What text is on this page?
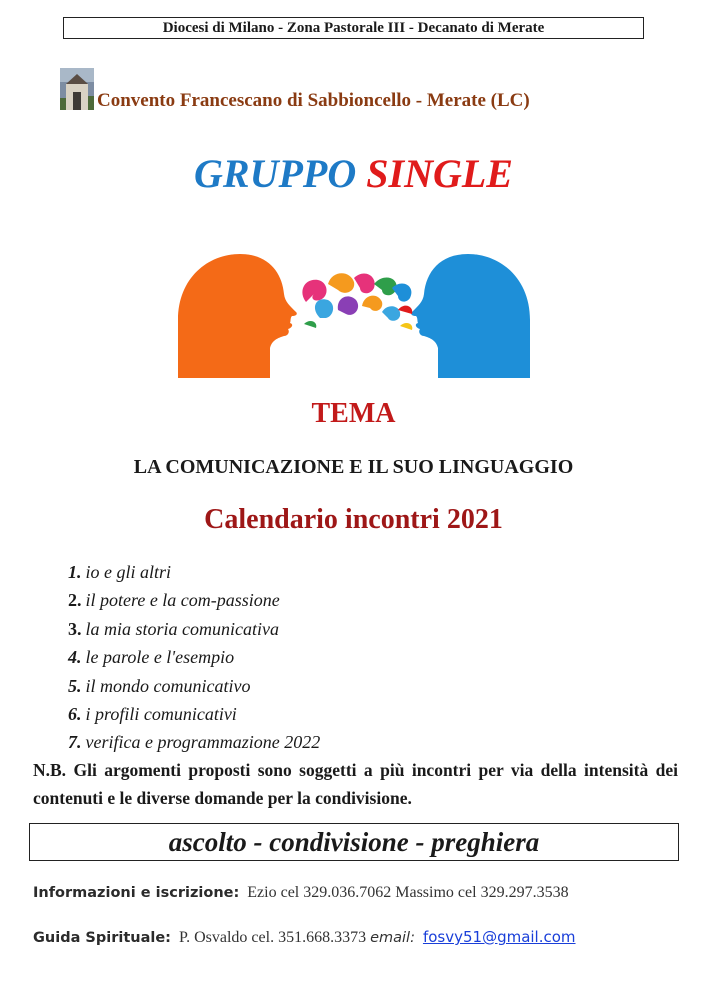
Diocesi di Milano - Zona Pastorale III - Decanato di Merate
Convento Francescano di Sabbioncello - Merate (LC)
GRUPPO SINGLE
TEMA
LA COMUNICAZIONE E IL SUO LINGUAGGIO
Calendario incontri 2021
1. io e gli altri
2. il potere e la com-passione
3. la mia storia comunicativa
4. le parole e l'esempio
5. il mondo comunicativo
6. i profili comunicativi
7. verifica e programmazione 2022
N.B. Gli argomenti proposti sono soggetti a più incontri per via della intensità dei contenuti e le diverse domande per la condivisione.
ascolto - condivisione - preghiera
Informazioni e iscrizione: Ezio cel 329.036.7062 Massimo cel 329.297.3538
Guida Spirituale: P. Osvaldo cel. 351.668.3373 email: fosvy51@gmail.com
